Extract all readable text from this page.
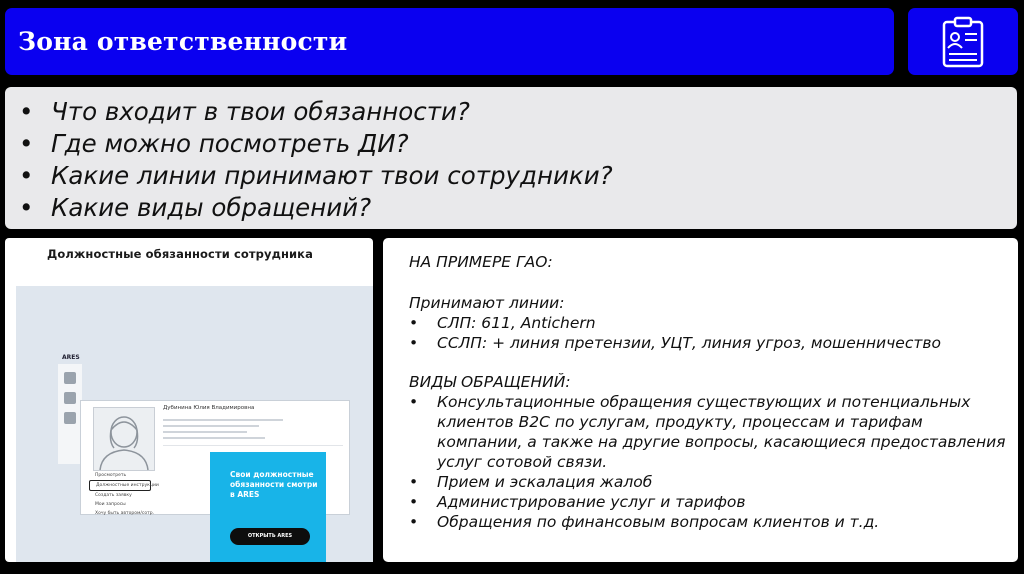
Зона ответственности
• Что входит в твои обязанности?
• Где можно посмотреть ДИ?
• Какие линии принимают твои сотрудники?
• Какие виды обращений?
Должностные обязанности сотрудника
ARES
Дубинина Юлия Владимировна
Просмотреть
Должностные инструкции
Создать заявку
Мои запросы
Хочу быть автором/сотр.
Свои должностные обязанности смотри в ARES
ОТКРЫТЬ ARES

НА ПРИМЕРЕ ГАО:

Принимают линии:

• СЛП: 611, Antichern
• ССЛП: + линия претензии, УЦТ, линия угроз, мошенничество

ВИДЫ ОБРАЩЕНИЙ:

• Консультационные обращения существующих и потенциальных клиентов B2C по услугам, продукту, процессам и тарифам компании, а также на другие вопросы, касающиеся предоставления услуг сотовой связи.
• Прием и эскалация жалоб
• Администрирование услуг и тарифов
• Обращения по финансовым вопросам клиентов и т.д.
